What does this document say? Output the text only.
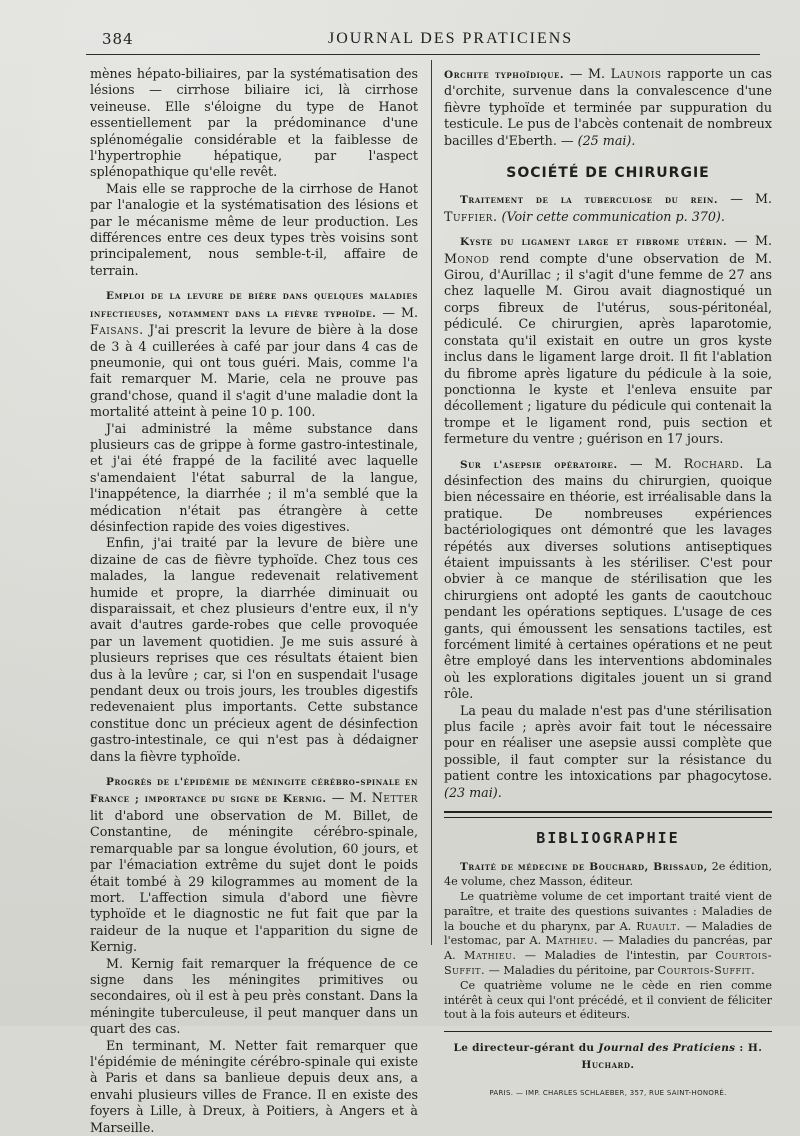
384	JOURNAL DES PRATICIENS

mènes hépato-biliaires, par la systématisation des lésions — cirrhose biliaire ici, là cirrhose veineuse. Elle s'éloigne du type de Hanot essentiellement par la prédominance d'une splénomégalie considérable et la faiblesse de l'hypertrophie hépatique, par l'aspect splénopathique qu'elle revêt.

Mais elle se rapproche de la cirrhose de Hanot par l'analogie et la systématisation des lésions et par le mécanisme même de leur production. Les différences entre ces deux types très voisins sont principalement, nous semble-t-il, affaire de terrain.

Emploi de la levure de bière dans quelques maladies infectieuses, notamment dans la fièvre typhoïde. — M. Faisans. J'ai prescrit la levure de bière à la dose de 3 à 4 cuillerées à café par jour dans 4 cas de pneumonie, qui ont tous guéri. Mais, comme l'a fait remarquer M. Marie, cela ne prouve pas grand'chose, quand il s'agit d'une maladie dont la mortalité atteint à peine 10 p. 100.

J'ai administré la même substance dans plusieurs cas de grippe à forme gastro-intestinale, et j'ai été frappé de la facilité avec laquelle s'amendaient l'état saburral de la langue, l'inappétence, la diarrhée ; il m'a semblé que la médication n'était pas étrangère à cette désinfection rapide des voies digestives.

Enfin, j'ai traité par la levure de bière une dizaine de cas de fièvre typhoïde. Chez tous ces malades, la langue redevenait relativement humide et propre, la diarrhée diminuait ou disparaissait, et chez plusieurs d'entre eux, il n'y avait d'autres garde-robes que celle provoquée par un lavement quotidien. Je me suis assuré à plusieurs reprises que ces résultats étaient bien dus à la levûre ; car, si l'on en suspendait l'usage pendant deux ou trois jours, les troubles digestifs redevenaient plus importants. Cette substance constitue donc un précieux agent de désinfection gastro-intestinale, ce qui n'est pas à dédaigner dans la fièvre typhoïde.

Progrès de l'épidémie de méningite cérébro-spinale en France ; importance du signe de Kernig. — M. Netter lit d'abord une observation de M. Billet, de Constantine, de méningite cérébro-spinale, remarquable par sa longue évolution, 60 jours, et par l'émaciation extrême du sujet dont le poids était tombé à 29 kilogrammes au moment de la mort. L'affection simula d'abord une fièvre typhoïde et le diagnostic ne fut fait que par la raideur de la nuque et l'apparition du signe de Kernig.

M. Kernig fait remarquer la fréquence de ce signe dans les méningites primitives ou secondaires, où il est à peu près constant. Dans la méningite tuberculeuse, il peut manquer dans un quart des cas.

En terminant, M. Netter fait remarquer que l'épidémie de méningite cérébro-spinale qui existe à Paris et dans sa banlieue depuis deux ans, a envahi plusieurs villes de France. Il en existe des foyers à Lille, à Dreux, à Poitiers, à Angers et à Marseille.

Orchite typhoïdique. — M. Launois rapporte un cas d'orchite, survenue dans la convalescence d'une fièvre typhoïde et terminée par suppuration du testicule. Le pus de l'abcès contenait de nombreux bacilles d'Eberth. — (25 mai).

SOCIÉTÉ DE CHIRURGIE

Traitement de la tuberculose du rein. — M. Tuffier. (Voir cette communication p. 370).

Kyste du ligament large et fibrome utérin. — M. Monod rend compte d'une observation de M. Girou, d'Aurillac ; il s'agit d'une femme de 27 ans chez laquelle M. Girou avait diagnostiqué un corps fibreux de l'utérus, sous-péritonéal, pédiculé. Ce chirurgien, après laparotomie, constata qu'il existait en outre un gros kyste inclus dans le ligament large droit. Il fit l'ablation du fibrome après ligature du pédicule à la soie, ponctionna le kyste et l'enleva ensuite par décollement ; ligature du pédicule qui contenait la trompe et le ligament rond, puis section et fermeture du ventre ; guérison en 17 jours.

Sur l'asepsie opératoire. — M. Rochard. La désinfection des mains du chirurgien, quoique bien nécessaire en théorie, est irréalisable dans la pratique. De nombreuses expériences bactériologiques ont démontré que les lavages répétés aux diverses solutions antiseptiques étaient impuissants à les stériliser. C'est pour obvier à ce manque de stérilisation que les chirurgiens ont adopté les gants de caoutchouc pendant les opérations septiques. L'usage de ces gants, qui émoussent les sensations tactiles, est forcément limité à certaines opérations et ne peut être employé dans les interventions abdominales où les explorations digitales jouent un si grand rôle.

La peau du malade n'est pas d'une stérilisation plus facile ; après avoir fait tout le nécessaire pour en réaliser une asepsie aussi complète que possible, il faut compter sur la résistance du patient contre les intoxications par phagocytose. (23 mai).

BIBLIOGRAPHIE

Traité de médecine de Bouchard, Brissaud, 2e édition, 4e volume, chez Masson, éditeur.

Le quatrième volume de cet important traité vient de paraître, et traite des questions suivantes : Maladies de la bouche et du pharynx, par A. Ruault. — Maladies de l'estomac, par A. Mathieu. — Maladies du pancréas, par A. Mathieu. — Maladies de l'intestin, par Courtois-Suffit. — Maladies du péritoine, par Courtois-Suffit.

Ce quatrième volume ne le cède en rien comme intérêt à ceux qui l'ont précédé, et il convient de féliciter tout à la fois auteurs et éditeurs.

Le directeur-gérant du Journal des Praticiens : H. Huchard.
PARIS. — IMP. CHARLES SCHLAEBER, 357, RUE SAINT-HONORÉ.
